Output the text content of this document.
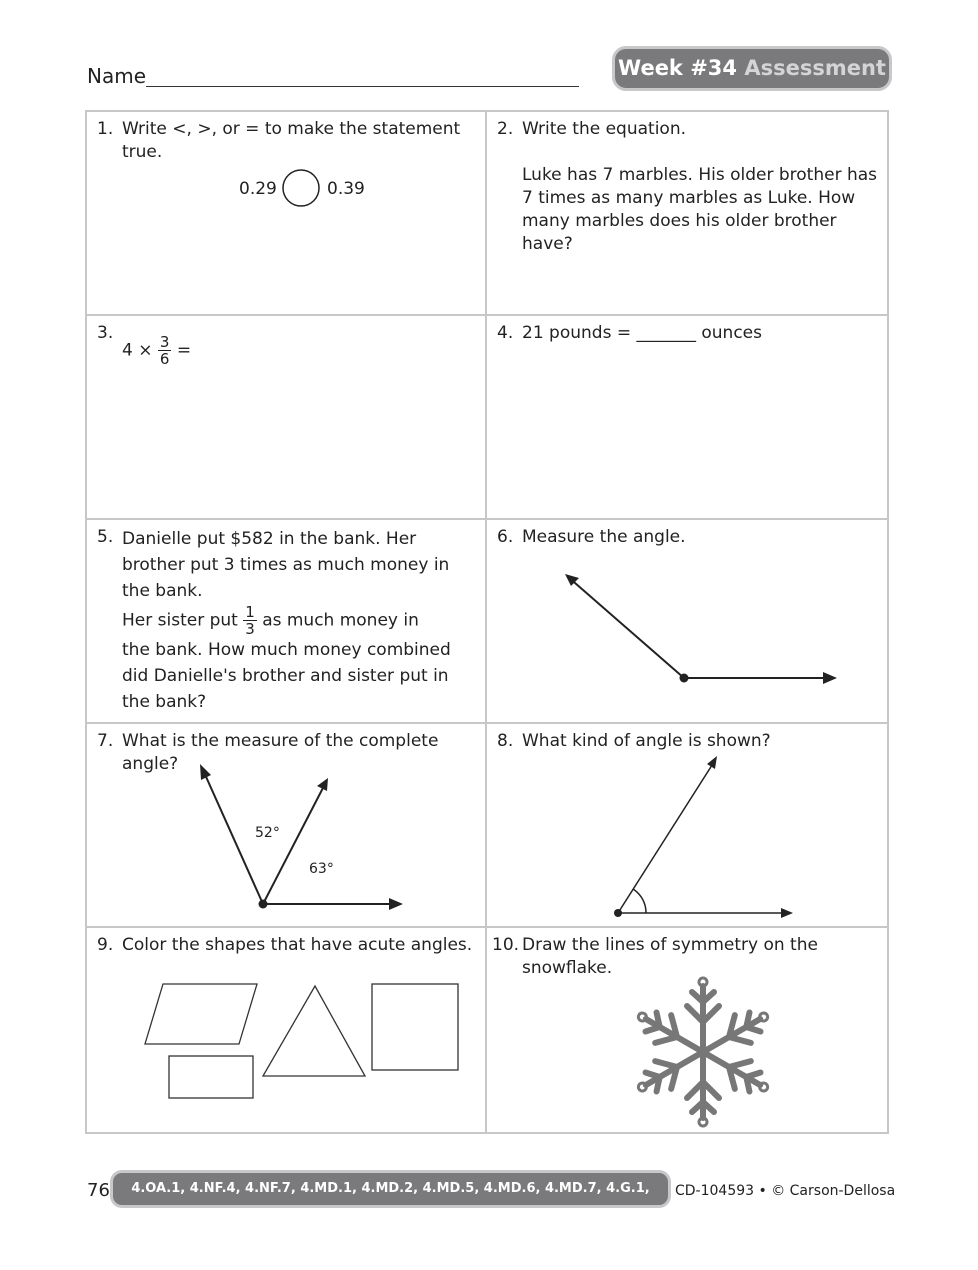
Name	Week #34 Assessment
1. Write <, >, or = to make the statement true.
0.29	0.39
2. Write the equation.
Luke has 7 marbles. His older brother has 7 times as many marbles as Luke. How many marbles does his older brother have?
3.
$4 \times \frac{3}{6}$ =
4. 21 pounds = _______ ounces
5. Danielle put $582 in the bank. Her brother put 3 times as much money in the bank.
Her sister put $\frac{1}{3}$ as much money in
the bank. How much money combined did Danielle's brother and sister put in the bank?
6. Measure the angle.
7. What is the measure of the complete angle?
52°
63°
8. What kind of angle is shown?
9. Color the shapes that have acute angles. 10. Draw the lines of symmetry on the snowflake.
76	4.OA.1, 4.NF.4, 4.NF.7, 4.MD.1, 4.MD.2, 4.MD.5, 4.MD.6, 4.MD.7, 4.G.1, 4.G.2, 4.G.3
CD-104593 • © Carson-Dellosa
